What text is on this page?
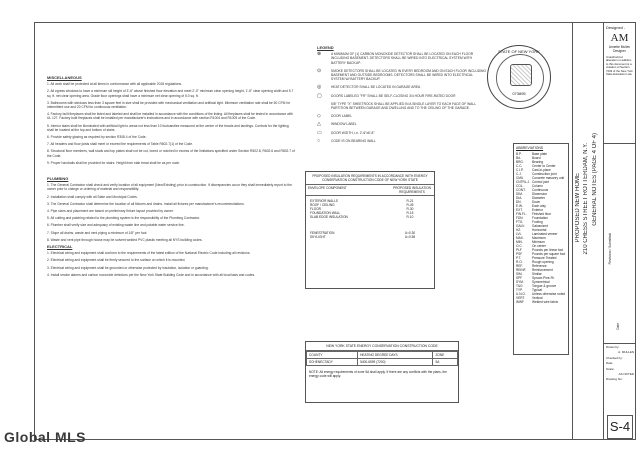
MISCELLANEOUS
1. All work shall be protected at all times in conformance with all applicable 2018 regulations.
2. All egress windows to have a minimum sill height of 3'-6" above finished floor elevation and meet 2'-0" minimum clear opening height, 1'-8" clear opening width and 5.7 sq. ft. net clear opening area. Grade floor openings shall have a minimum net clear opening of 5.0 sq. ft.
3. Bathrooms with windows less than 3 square feet in size shall be provided with mechanical ventilation and artificial light. Minimum ventilation rate shall be 50 CFM for intermittent use and 20 CFM for continuous ventilation.
4. Factory built fireplaces shall be listed and labeled and shall be installed in accordance with the conditions of the listing. All fireplaces shall be tested in accordance with UL 127. Factory built fireplaces shall be installed per manufacturer's instructions and in accordance with section R1004 and R1005 of the Code.
5. Interior stairs shall be illuminated with artificial light to areas not less than 10 footcandles measured at the center of the treads and landings. Controls for the lighting shall be located at the top and bottom of stairs.
6. Provide safety glazing as required by section R308.4 of the Code.
7. All headers and floor joists shall meet or exceed the requirements of Table R602.7(1) of the Code.
8. Structural floor members, wall studs and top plates shall not be cut, bored or notched in excess of the limitations specified under Section R502.8, R602.6 and R802.7 of the Code.
9. Proper handrails shall be provided for stairs. Height from stair tread shall be as per code.
PLUMBING
1. The General Contractor shall check and verify location of all equipment (New/Existing) prior to construction. If discrepancies occur they shall immediately report to the owner prior to change or ordering of material and responsibility.
2. Installation shall comply with all State and Municipal Codes.
3. The General Contractor shall determine the location of all fixtures and drains. Install all fixtures per manufacturer's recommendations.
4. Pipe sizes and placement are based on preliminary fixture layout provided by owner.
5. All cutting and patching related to the plumbing system is the responsibility of the Plumbing Contractor.
6. Plumber shall verify size and adequacy of existing waste line and potable water service line.
7. Slope all drains, waste and vent piping a minimum of 1/8" per foot.
8. Waste and vent pipe through house may be solvent welded PVC plastic meeting all NYS building codes.
ELECTRICAL
1. Electrical wiring and equipment shall conform to the requirements of the latest edition of the National Electric Code including all revisions.
2. Electrical wiring and equipment shall be firmly secured to the surface on which it is mounted.
3. Electrical wiring and equipment shall be grounded or otherwise protected by insulation, isolation or guarding.
4. Install smoke alarms and carbon monoxide detectors per the New York State Building Code and in accordance with all local laws and codes.
LEGEND
⊗	A MINIMUM OF (1) CARBON MONOXIDE DETECTOR SHALL BE LOCATED ON EACH FLOOR INCLUDING BASEMENT. DETECTORS SHALL BE WIRED INTO ELECTRICAL SYSTEM WITH BATTERY BACKUP.
⊙	SMOKE DETECTORS SHALL BE LOCATED IN EVERY BEDROOM AND ON EACH FLOOR INCLUDING BASEMENT AND OUTSIDE BEDROOMS. DETECTORS SHALL BE WIRED INTO ELECTRICAL SYSTEM W/ BATTERY BACKUP.
◎	HEAT DETECTOR SHALL BE LOCATED IN GARAGE AREA
▢	DOORS LABELED "FR" SHALL BE SELF-CLOSING 3/4 HOUR FIRE-RATED DOOR
5/8" TYPE "X" SHEETROCK SHALL BE APPLIED IN A SINGLE LAYER TO EACH FACE OF WALL PARTITION BETWEEN GARAGE AND DWELLING AND TO THE CEILING OF THE GARAGE.
◇	DOOR LABEL
△	WINDOW LABEL
▭	DOOR WIDTH, i.e. 2'-6"x6'-8"
○	CODE IS ON BEARING WALL
PROPOSED INSULATION REQUIREMENTS IN ACCORDANCE WITH ENERGY CONSERVATION CONSTRUCTION CODE OF NEW YORK STATE
ENVELOPE COMPONENT	PROPOSED INSULATION REQUIREMENTS
EXTERIOR WALLS	R-21
ROOF / CEILING	R-49
FLOOR	R-30
FOUNDATION WALL	R-15
SLAB EDGE INSULATION	R-10
FENESTRATION	U=0.30
SKYLIGHT	U=0.55
NEW YORK STATE ENERGY CONSERVATION CONSTRUCTION CODE
COUNTY	HEATING DEGREE DAYS	ZONE
SCHENECTADY	5400-6599 (7200)	5A
NOTE: All energy requirements of zone 5A shall apply. If there are any conflicts with the plans, the energy code will apply.
STATE OF NEW YORK
073895
ABBREVIATIONS
B.P.	Base plate
Bd.	Board
BRG.	Bearing
C.C.	Center to Center
C.I.P.	Cast-in-place
C.J.	Construction joint
CMU	Concrete masonry unit
CNTRL.J. Control joint
COL.	Column
CONT.	Continuous
DIM.	Dimension
DIA.	Diameter
DN.	Down
E.W.	Each way
EXT.	Exterior
FIN.FL.	Finished floor
FDN.	Foundation
FTG.	Footing
GALV.	Galvanized
HZ.	Horizontal
LVL	Laminated veneer
MAX.	Maximum
MIN.	Minimum
O.C.	On center
PLF	Pounds per linear foot
PSF	Pounds per square foot
P.T.	Pressure Treated
R.O.	Rough opening
REF.	Reference
REINF.	Reinforcement
SIM.	Similar
SPF	Spruce-Pine-Fir
SYM.	Symmetrical
T&G	Tongue & groove
TYP.	Typical
U.N.O.	Unless otherwise noted
VERT.	Vertical
WWF	Welded wire fabric
PROPOSED NEW HOME 210 CHESS STREET ROTTERDAM, N.Y. GENERAL NOTES (PAGE 4 OF 4)
Designed -
AM
Annette Mullen Designer
Unauthorized alteration or addition to this document is a violation of Section 7209 of the New York State Education Law.
Revisions / Submittals
Date
Drawn by:
A. MULLEN
Checked by:
Date:
Scale:
AS NOTED
Drawing No:
S-4
Global MLS
